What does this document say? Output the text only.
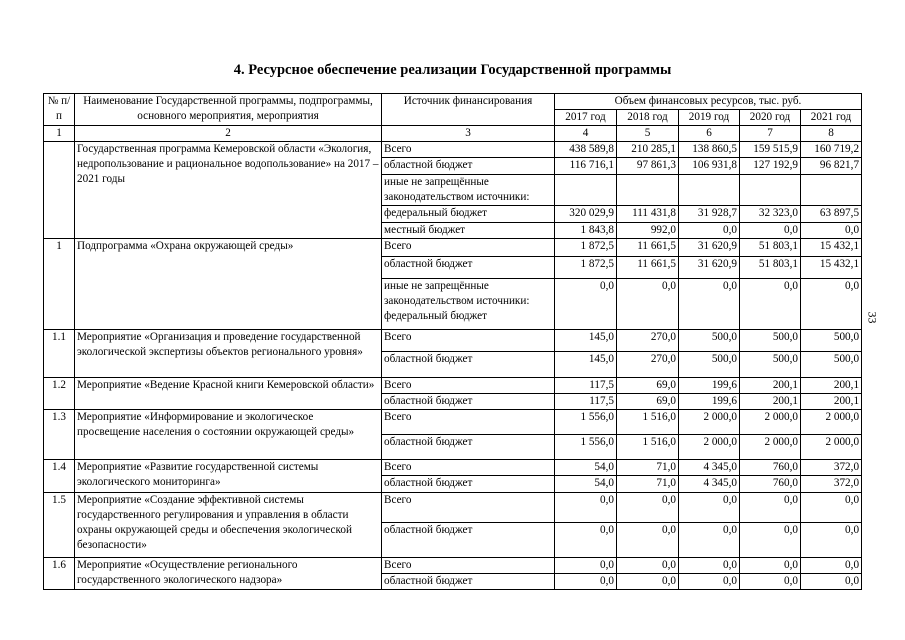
4. Ресурсное обеспечение реализации Государственной программы
№ п/п	Наименование Государственной программы, подпрограммы, основного мероприятия, мероприятия	Источник финансирования	Объем финансовых ресурсов, тыс. руб.				
			2017 год	2018 год	2019 год	2020 год	2021 год
1	2	3	4	5	6	7	8
	Государственная программа Кемеровской области «Экология, недропользование и рациональное водопользование» на 2017 – 2021 годы	Всего	438 589,8	210 285,1	138 860,5	159 515,9	160 719,2
		областной бюджет	116 716,1	97 861,3	106 931,8	127 192,9	96 821,7
		иные не запрещённые законодательством источники:					
		федеральный бюджет	320 029,9	111 431,8	31 928,7	32 323,0	63 897,5
		местный бюджет	1 843,8	992,0	0,0	0,0	0,0
1	Подпрограмма «Охрана окружающей среды»	Всего	1 872,5	11 661,5	31 620,9	51 803,1	15 432,1
		областной бюджет	1 872,5	11 661,5	31 620,9	51 803,1	15 432,1
		иные не запрещённые законодательством источники: федеральный бюджет	0,0	0,0	0,0	0,0	0,0
1.1	Мероприятие «Организация и проведение государственной экологической экспертизы объектов регионального уровня»	Всего	145,0	270,0	500,0	500,0	500,0
		областной бюджет	145,0	270,0	500,0	500,0	500,0
1.2	Мероприятие «Ведение Красной книги Кемеровской области»	Всего	117,5	69,0	199,6	200,1	200,1
		областной бюджет	117,5	69,0	199,6	200,1	200,1
1.3	Мероприятие «Информирование и экологическое просвещение населения о состоянии окружающей среды»	Всего	1 556,0	1 516,0	2 000,0	2 000,0	2 000,0
		областной бюджет	1 556,0	1 516,0	2 000,0	2 000,0	2 000,0
1.4	Мероприятие «Развитие государственной системы экологического мониторинга»	Всего	54,0	71,0	4 345,0	760,0	372,0
		областной бюджет	54,0	71,0	4 345,0	760,0	372,0
1.5	Мероприятие «Создание эффективной системы государственного регулирования и управления в области охраны окружающей среды и обеспечения экологической безопасности»	Всего	0,0	0,0	0,0	0,0	0,0
		областной бюджет	0,0	0,0	0,0	0,0	0,0
1.6	Мероприятие «Осуществление регионального государственного экологического надзора»	Всего	0,0	0,0	0,0	0,0	0,0
		областной бюджет	0,0	0,0	0,0	0,0	0,0
33
